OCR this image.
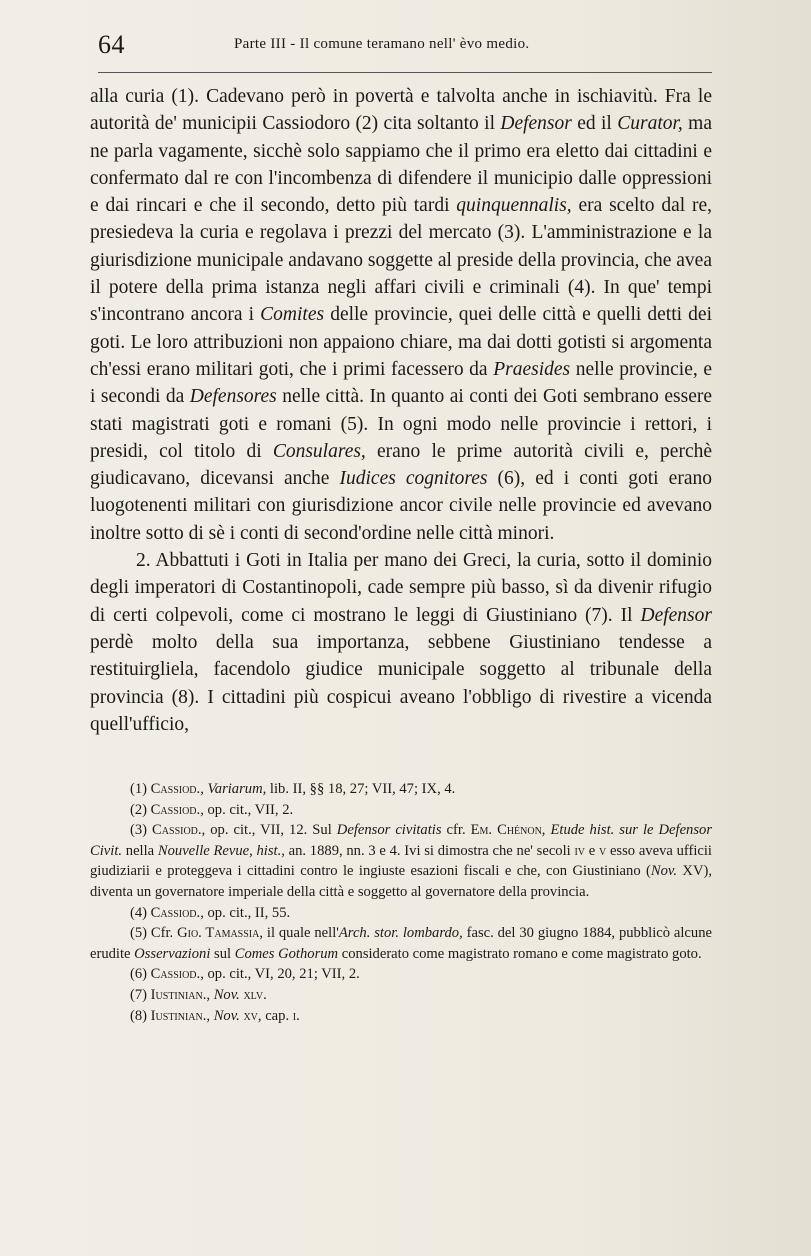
64	Parte III - Il comune teramano nell' èvo medio.

alla curia (1). Cadevano però in povertà e talvolta anche in ischiavitù. Fra le autorità de' municipii Cassiodoro (2) cita soltanto il Defensor ed il Curator, ma ne parla vagamente, sicchè solo sappiamo che il primo era eletto dai cittadini e confermato dal re con l'incombenza di difendere il municipio dalle oppressioni e dai rincari e che il secondo, detto più tardi quinquennalis, era scelto dal re, presiedeva la curia e regolava i prezzi del mercato (3). L'amministrazione e la giurisdizione municipale andavano soggette al preside della provincia, che avea il potere della prima istanza negli affari civili e criminali (4). In que' tempi s'incontrano ancora i Comites delle provincie, quei delle città e quelli detti dei goti. Le loro attribuzioni non appaiono chiare, ma dai dotti gotisti si argomenta ch'essi erano militari goti, che i primi facessero da Praesides nelle provincie, e i secondi da Defensores nelle città. In quanto ai conti dei Goti sembrano essere stati magistrati goti e romani (5). In ogni modo nelle provincie i rettori, i presidi, col titolo di Consulares, erano le prime autorità civili e, perchè giudicavano, dicevansi anche Iudices cognitores (6), ed i conti goti erano luogotenenti militari con giurisdizione ancor civile nelle provincie ed avevano inoltre sotto di sè i conti di second'ordine nelle città minori.

2. Abbattuti i Goti in Italia per mano dei Greci, la curia, sotto il dominio degli imperatori di Costantinopoli, cade sempre più basso, sì da divenir rifugio di certi colpevoli, come ci mostrano le leggi di Giustiniano (7). Il Defensor perdè molto della sua importanza, sebbene Giustiniano tendesse a restituirgliela, facendolo giudice municipale soggetto al tribunale della provincia (8). I cittadini più cospicui aveano l'obbligo di rivestire a vicenda quell'ufficio,

(1) Cassiod., Variarum, lib. II, §§ 18, 27; VII, 47; IX, 4.

(2) Cassiod., op. cit., VII, 2.

(3) Cassiod., op. cit., VII, 12. Sul Defensor civitatis cfr. Em. Chénon, Etude hist. sur le Defensor Civit. nella Nouvelle Revue, hist., an. 1889, nn. 3 e 4. Ivi si dimostra che ne' secoli iv e v esso aveva ufficii giudiziarii e proteggeva i cittadini contro le ingiuste esazioni fiscali e che, con Giustiniano (Nov. XV), diventa un governatore imperiale della città e soggetto al governatore della provincia.

(4) Cassiod., op. cit., II, 55.

(5) Cfr. Gio. Tamassia, il quale nell'Arch. stor. lombardo, fasc. del 30 giugno 1884, pubblicò alcune erudite Osservazioni sul Comes Gothorum considerato come magistrato romano e come magistrato goto.

(6) Cassiod., op. cit., VI, 20, 21; VII, 2.

(7) Iustinian., Nov. xlv.

(8) Iustinian., Nov. xv, cap. i.
